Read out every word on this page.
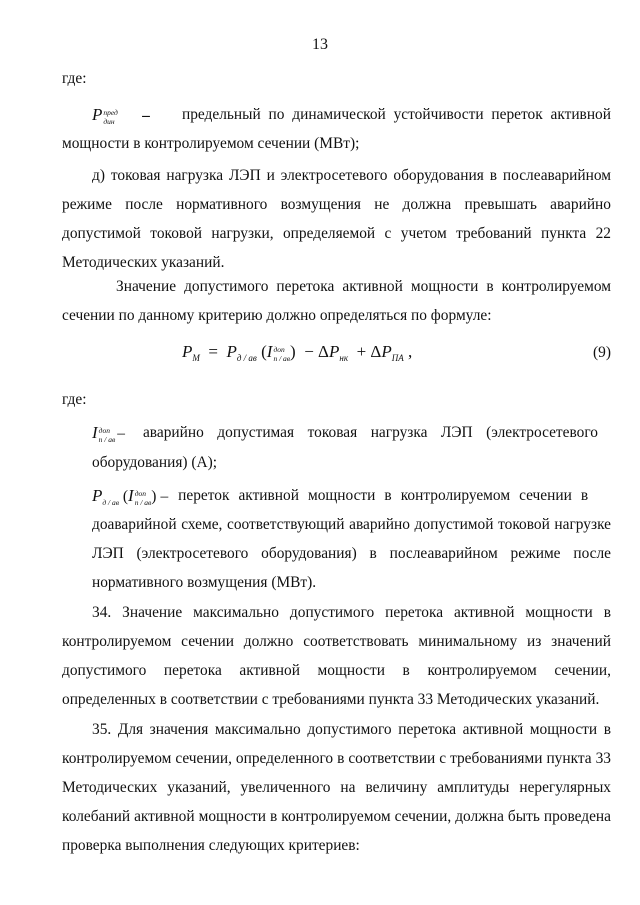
13
где:
P пред
дин – предельный по динамической устойчивости переток активной
мощности в контролируемом сечении (МВт);
д) токовая нагрузка ЛЭП и электросетевого оборудования в послеаварийном
режиме после нормативного возмущения не должна превышать аварийно
допустимой токовой нагрузки, определяемой с учетом требований пункта 22
Методических указаний.
Значение допустимого перетока активной мощности в контролируемом
сечении по данному критерию должно определяться по формуле:
$P_M = P_{д / ав}$ (I доп
п / ав ) − $\Delta P_{нк} + \Delta P_{ПА}$ ,	(9)
где:
I доп
п / ав – аварийно допустимая токовая нагрузка ЛЭП (электросетевого
оборудования) (А);
$P_{д / ав}$ (I доп
п / ав ) – переток активной мощности в контролируемом сечении в
доаварийной схеме, соответствующий аварийно допустимой токовой нагрузке
ЛЭП (электросетевого оборудования) в послеаварийном режиме после
нормативного возмущения (МВт).
34. Значение максимально допустимого перетока активной мощности в
контролируемом сечении должно соответствовать минимальному из значений
допустимого перетока активной мощности в контролируемом сечении,
определенных в соответствии с требованиями пункта 33 Методических указаний.
35. Для значения максимально допустимого перетока активной мощности в
контролируемом сечении, определенного в соответствии с требованиями пункта 33
Методических указаний, увеличенного на величину амплитуды нерегулярных
колебаний активной мощности в контролируемом сечении, должна быть проведена
проверка выполнения следующих критериев:
